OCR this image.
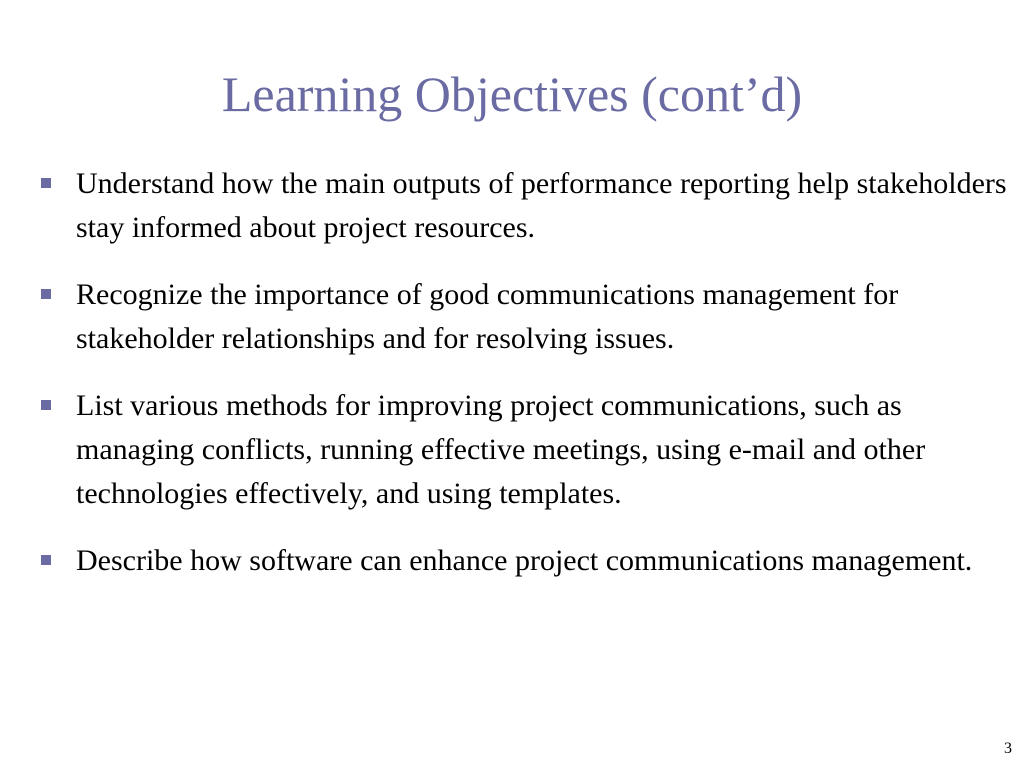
Learning Objectives (cont’d)
Understand how the main outputs of performance reporting help stakeholders stay informed about project resources.
Recognize the importance of good communications management for stakeholder relationships and for resolving issues.
List various methods for improving project communications, such as managing conflicts, running effective meetings, using e-mail and other technologies effectively, and using templates.
Describe how software can enhance project communications management.
3
